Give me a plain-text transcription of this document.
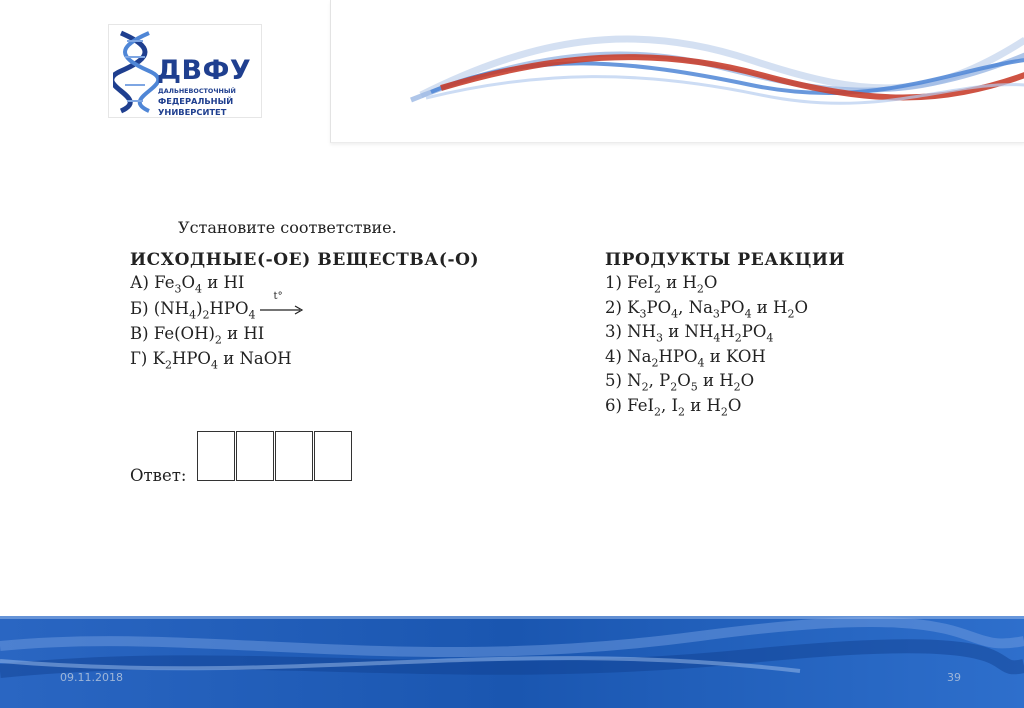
ДВФУ
ДАЛЬНЕВОСТОЧНЫЙ
ФЕДЕРАЛЬНЫЙ
УНИВЕРСИТЕТ
Установите соответствие.
ИСХОДНЫЕ(-ОЕ) ВЕЩЕСТВА(-О)	ПРОДУКТЫ РЕАКЦИИ
А) $Fe_3O_4$ и HI
Б) $(NH_4)_2HPO_4$
t°
В) $Fe(OH)_2$ и HI
Г) $K_2HPO_4$ и NaOH
1) FeI$_2$ и $H_2O$
2) $K_3PO_4$, $Na_3PO_4$ и $H_2O$
3) $NH_3$ и $NH_4H_2PO_4$
4) $Na_2HPO_4$ и KOH
5) $N_2$, $P_2O_5$ и $H_2O$
6) FeI$_2$, $I_2$ и $H_2O$
Ответ:
09.11.2018	39
